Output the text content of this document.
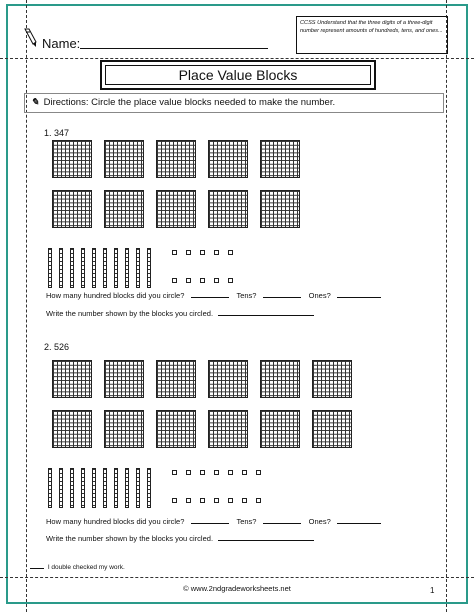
Name:
CCSS Understand that the three digits of a three-digit number represent amounts of hundreds, tens, and ones...
Place Value Blocks
✎ Directions: Circle the place value blocks needed to make the number.
1. 347
How many hundred blocks did you circle?	Tens?	Ones?
Write the number shown by the blocks you circled.
2. 526
How many hundred blocks did you circle?	Tens?	Ones?
Write the number shown by the blocks you circled.
I double checked my work.
© www.2ndgradeworksheets.net	1
